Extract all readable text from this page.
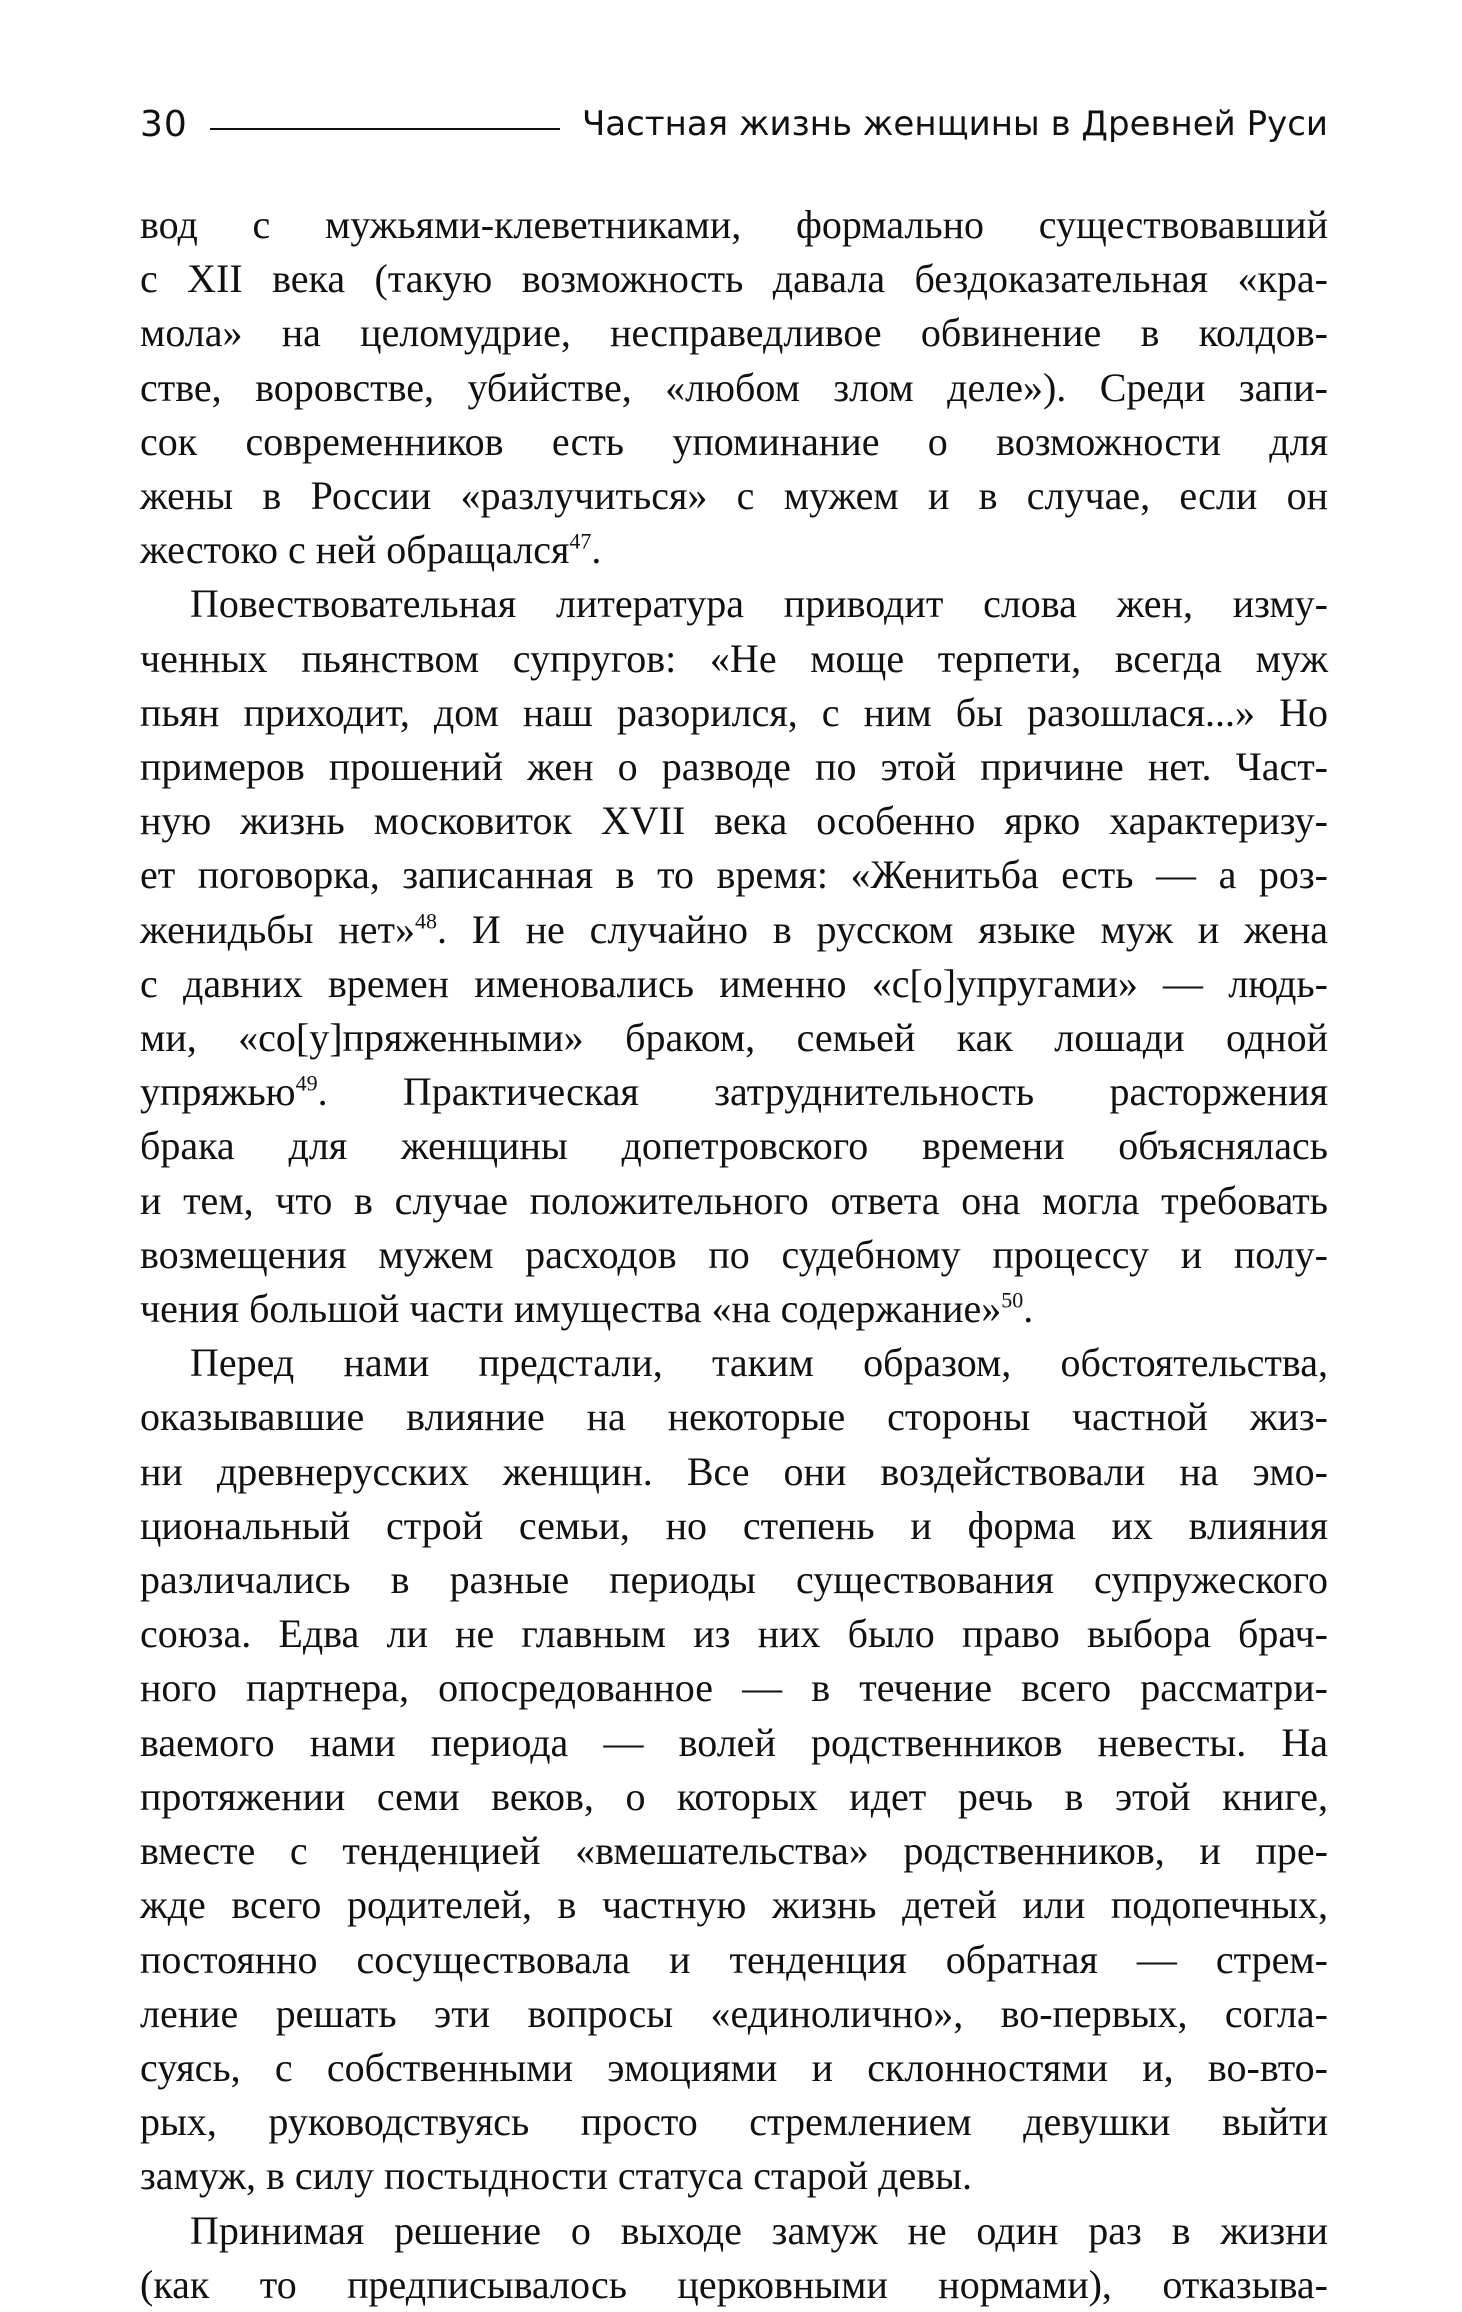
30	Частная жизнь женщины в Древней Руси

вод с мужьями-клеветниками, формально существовавший
с XII века (такую возможность давала бездоказательная «кра-
мола» на целомудрие, несправедливое обвинение в колдов-
стве, воровстве, убийстве, «любом злом деле»). Среди запи-
сок современников есть упоминание о возможности для
жены в России «разлучиться» с мужем и в случае, если он
жестоко с ней обращался$^{47}$.

Повествовательная литература приводит слова жен, изму-
ченных пьянством супругов: «Не моще терпети, всегда муж
пьян приходит, дом наш разорился, с ним бы разошлася...» Но
примеров прошений жен о разводе по этой причине нет. Част-
ную жизнь московиток XVII века особенно ярко характеризу-
ет поговорка, записанная в то время: «Женитьба есть — а роз-
женидьбы нет»$^{48}$. И не случайно в русском языке муж и жена
с давних времен именовались именно «с[о]упругами» — людь-
ми, «со[у]пряженными» браком, семьей как лошади одной
упряжью$^{49}$. Практическая затруднительность расторжения
брака для женщины допетровского времени объяснялась
и тем, что в случае положительного ответа она могла требовать
возмещения мужем расходов по судебному процессу и полу-
чения большой части имущества «на содержание»$^{50}$.

Перед нами предстали, таким образом, обстоятельства,
оказывавшие влияние на некоторые стороны частной жиз-
ни древнерусских женщин. Все они воздействовали на эмо-
циональный строй семьи, но степень и форма их влияния
различались в разные периоды существования супружеского
союза. Едва ли не главным из них было право выбора брач-
ного партнера, опосредованное — в течение всего рассматри-
ваемого нами периода — волей родственников невесты. На
протяжении семи веков, о которых идет речь в этой книге,
вместе с тенденцией «вмешательства» родственников, и пре-
жде всего родителей, в частную жизнь детей или подопечных,
постоянно сосуществовала и тенденция обратная — стрем-
ление решать эти вопросы «единолично», во-первых, согла-
суясь, с собственными эмоциями и склонностями и, во-вто-
рых, руководствуясь просто стремлением девушки выйти
замуж, в силу постыдности статуса старой девы.

Принимая решение о выходе замуж не один раз в жизни
(как то предписывалось церковными нормами), отказыва-
